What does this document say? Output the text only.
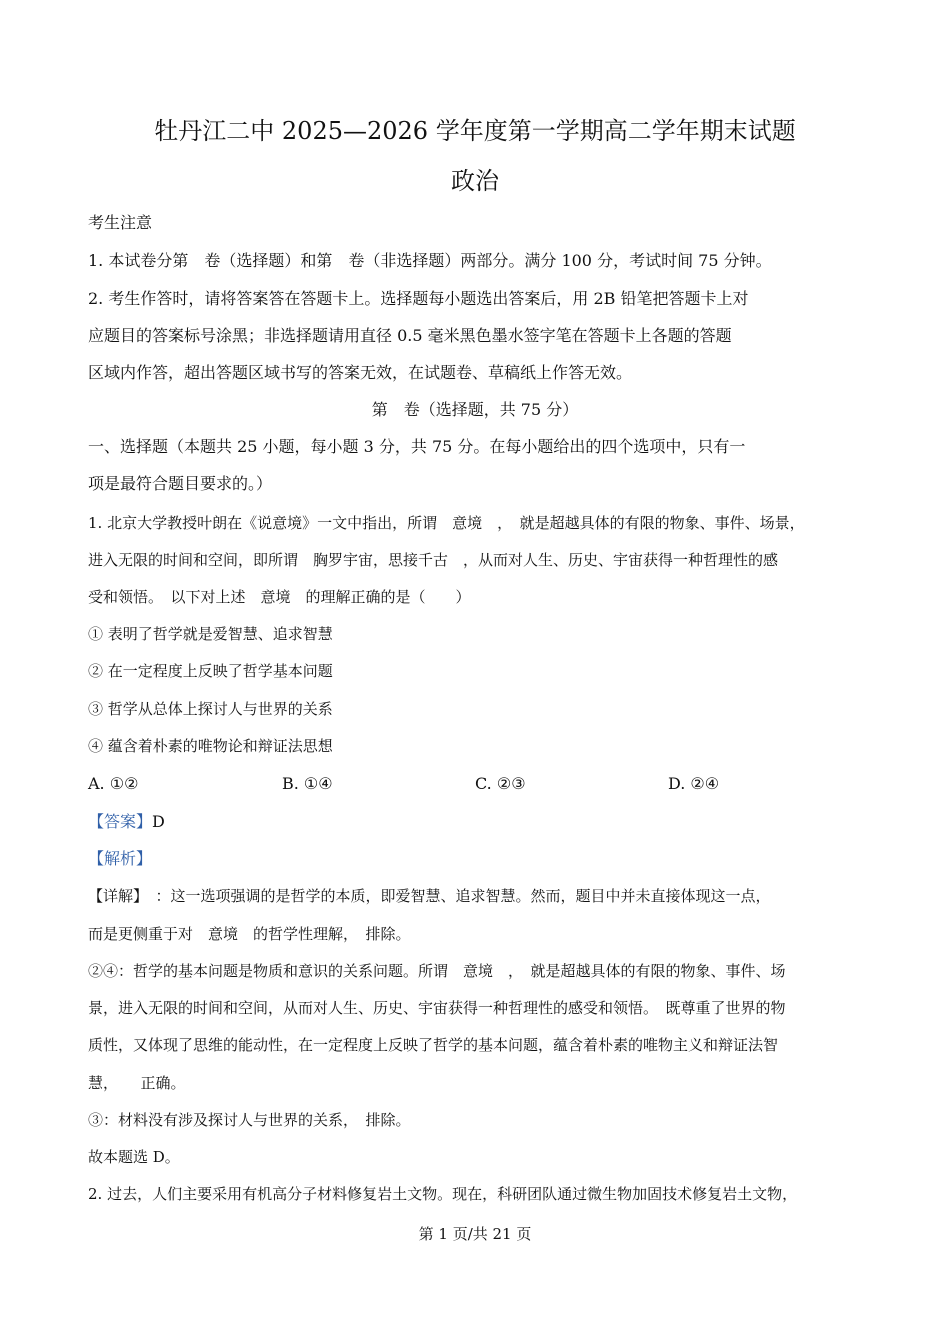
牡丹江二中 2025—2026 学年度第一学期高二学年期末试题
政治
考生注意
1. 本试卷分第　卷（选择题）和第　卷（非选择题）两部分。满分 100 分，考试时间 75 分钟。
2. 考生作答时，请将答案答在答题卡上。选择题每小题选出答案后，用 2B 铅笔把答题卡上对
应题目的答案标号涂黑；非选择题请用直径 0.5 毫米黑色墨水签字笔在答题卡上各题的答题
区域内作答，超出答题区域书写的答案无效，在试题卷、草稿纸上作答无效。
第　卷（选择题，共 75 分）
一、选择题（本题共 25 小题，每小题 3 分，共 75 分。在每小题给出的四个选项中，只有一
项是最符合题目要求的。）
1. 北京大学教授叶朗在《说意境》一文中指出，所谓　意境　，　就是超越具体的有限的物象、事件、场景，
进入无限的时间和空间，即所谓　胸罗宇宙，思接千古　，从而对人生、历史、宇宙获得一种哲理性的感
受和领悟。　以下对上述　意境　的理解正确的是（　　）
① 表明了哲学就是爱智慧、追求智慧
② 在一定程度上反映了哲学基本问题
③ 哲学从总体上探讨人与世界的关系
④ 蕴含着朴素的唯物论和辩证法思想
A. ①②	B. ①④	C. ②③	D. ②④
【答案】D
【解析】
【详解】　：这一选项强调的是哲学的本质，即爱智慧、追求智慧。然而，题目中并未直接体现这一点，
而是更侧重于对　意境　的哲学性理解，　排除。
②④：哲学的基本问题是物质和意识的关系问题。所谓　意境　，　就是超越具体的有限的物象、事件、场
景，进入无限的时间和空间，从而对人生、历史、宇宙获得一种哲理性的感受和领悟。　既尊重了世界的物
质性，又体现了思维的能动性，在一定程度上反映了哲学的基本问题，蕴含着朴素的唯物主义和辩证法智
慧，　　正确。
③：材料没有涉及探讨人与世界的关系，　排除。
故本题选 D。
2. 过去，人们主要采用有机高分子材料修复岩土文物。现在，科研团队通过微生物加固技术修复岩土文物，
第 1 页/共 21 页
